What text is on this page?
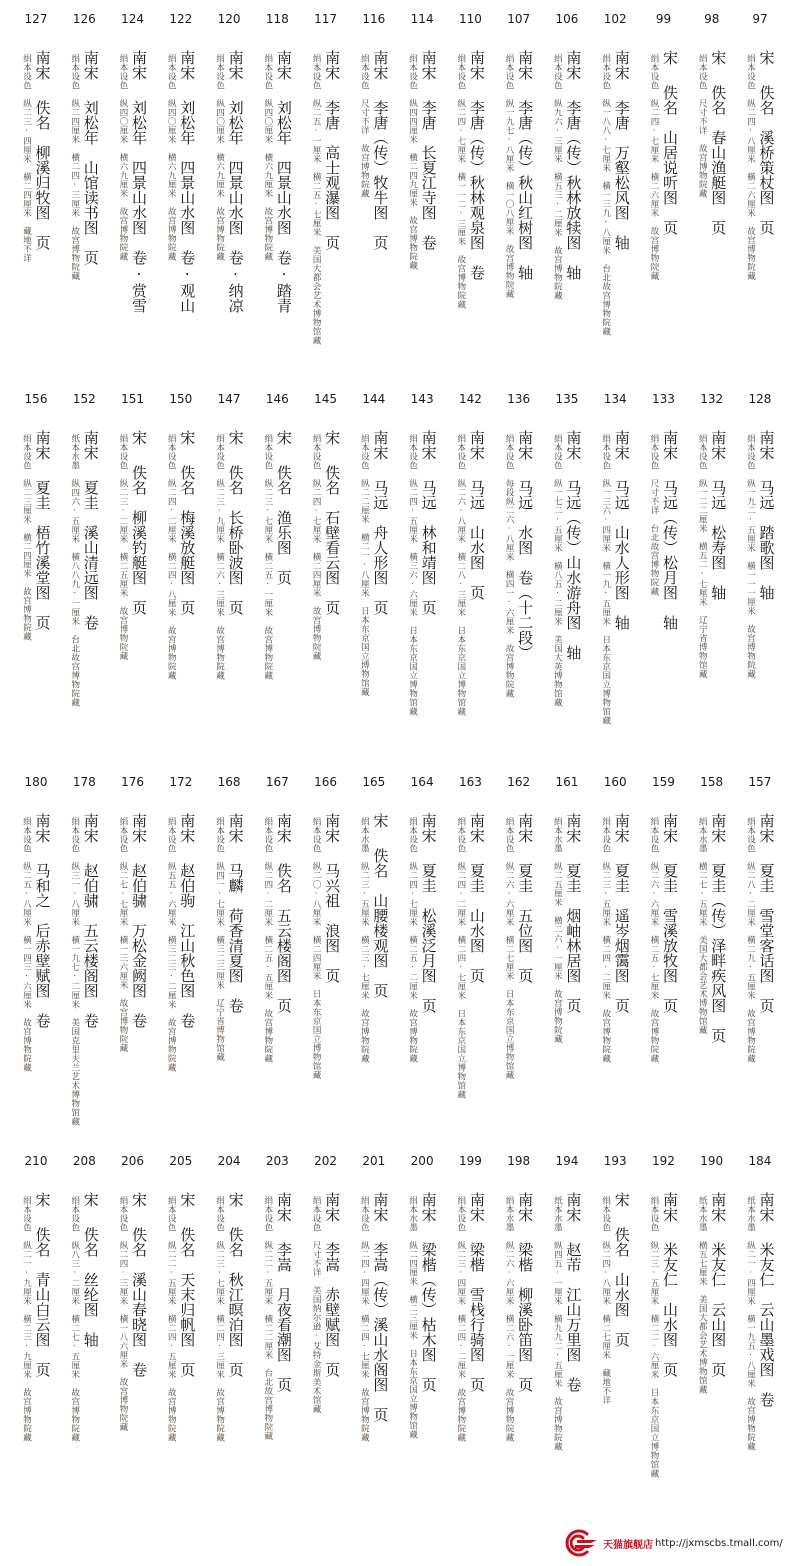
97

宋

佚名　溪桥策杖图　页

绢本设色　纵二四·八厘米　横二六厘米　故宫博物院藏

98

宋

佚名　春山渔艇图　页

绢本设色　尺寸不详　故宫博物院藏

99

宋

佚名　山居说听图　页

绢本设色　纵二四·七厘米　横二六厘米　故宫博物院藏

102

南宋

李唐　万壑松风图　轴

绢本设色　纵一八八·七厘米　横一三九·八厘米　台北故宫博物院藏

106

南宋

李唐（传）秋林放犊图　轴

绢本设色　纵九六·三厘米　横五三·二厘米　故宫博物院藏

107

南宋

李唐（传）秋山红树图　轴

绢本设色　纵一九七·八厘米　横一〇八厘米　故宫博物院藏

110

南宋

李唐（传）秋林观泉图　卷

绢本设色　纵二四·七厘米　横一一二·三厘米　故宫博物院藏

114

南宋

李唐　长夏江寺图　卷

绢本设色　纵四四厘米　横二四九厘米　故宫博物院藏

116

南宋

李唐（传）牧牛图　页

绢本设色　尺寸不详　故宫博物院藏

117

南宋

李唐　高士观瀑图　页

绢本设色　纵二五·一厘米　横二五·七厘米　美国大都会艺术博物馆藏

118

南宋

刘松年　四景山水图　卷·踏青

绢本设色　纵四〇厘米　横六九厘米　故宫博物院藏

120

南宋

刘松年　四景山水图　卷·纳凉

绢本设色　纵四〇厘米　横六九厘米　故宫博物院藏

122

南宋

刘松年　四景山水图　卷·观山

绢本设色　纵四〇厘米　横六九厘米　故宫博物院藏

124

南宋

刘松年　四景山水图　卷·赏雪

绢本设色　纵四〇厘米　横六九厘米　故宫博物院藏

126

南宋

刘松年　山馆读书图　页

绢本设色　纵二四厘米　横二四·三厘米　故宫博物院藏

127

南宋

佚名　柳溪归牧图　页

绢本设色　纵二三·四厘米　横二四厘米　藏地不详

128

南宋

马远　踏歌图　轴

绢本设色　纵一九二·五厘米　横一一一厘米　故宫博物院藏

132

南宋

马远　松寿图　轴

绢本设色　纵一二二厘米　横五二·七厘米　辽宁省博物馆藏

133

南宋

马远（传）松月图　轴

绢本设色　尺寸不详　台北故宫博物院藏

134

南宋

马远　山水人形图　轴

绢本设色　纵一三六·四厘米　横一九·五厘米　日本东京国立博物馆藏

135

南宋

马远（传）山水游舟图　轴

绢本设色　纵一七二·五厘米　横八五·二厘米　美国大英博物馆藏

136

南宋

马远　水图　卷（十二段）

绢本设色　每段纵二六·八厘米　横四一·六厘米　故宫博物院藏

142

南宋

马远　山水图　页

绢本设色　纵二六·八厘米　横二八·三厘米　日本东京国立博物馆藏

143

南宋

马远　林和靖图　页

绢本设色　纵二四·五厘米　横三六·六厘米　日本东京国立博物馆藏

144

南宋

马远　舟人形图　页

绢本设色　纵二二厘米　横二一·八厘米　日本东京国立博物馆藏

145

宋

佚名　石壁看云图　页

绢本设色　纵二四·七厘米　横二四厘米　故宫博物院藏

146

宋

佚名　渔乐图　页

绢本设色　纵二三·七厘米　横二五·一厘米　故宫博物院藏

147

宋

佚名　长桥卧波图　页

绢本设色　纵二三·九厘米　横二六·三厘米　故宫博物院藏

150

宋

佚名　梅溪放艇图　页

绢本设色　纵二四·二厘米　横二四·八厘米　故宫博物院藏

151

宋

佚名　柳溪钓艇图　页

绢本设色　纵二三·二厘米　横二五厘米　故宫博物院藏

152

南宋

夏圭　溪山清远图　卷

纸本水墨　纵四六·五厘米　横八八九·一厘米　台北故宫博物院藏

156

南宋

夏圭　梧竹溪堂图　页

绢本设色　纵二三厘米　横二四厘米　故宫博物院藏

157

南宋

夏圭　雪堂客话图　页

绢本设色　纵二八·二厘米　横二九·五厘米　故宫博物院藏

158

南宋

夏圭（传）泽畔疾风图　页

绢本水墨　横二七·五厘米　美国大都会艺术博物馆藏

159

南宋

夏圭　雪溪放牧图　页

绢本设色　纵二六·六厘米　横二五·七厘米　故宫博物院藏

160

南宋

夏圭　遥岑烟霭图　页

绢本设色　纵二三·五厘米　横二四·二厘米　故宫博物院藏

161

南宋

夏圭　烟岫林居图　页

绢本水墨　纵二五厘米　横二六·一厘米　故宫博物院藏

162

南宋

夏圭　五位图　页

绢本设色　纵二六·六厘米　横二七厘米　日本东京国立博物馆藏

163

南宋

夏圭　山水图　页

绢本设色　纵二四·二厘米　横二四·七厘米　日本东京国立博物馆藏

164

南宋

夏圭　松溪泛月图　页

绢本设色　纵二四·七厘米　横二五·二厘米　故宫博物院藏

165

宋

佚名　山腰楼观图　页

绢本水墨　纵二三·五厘米　横二三·七厘米　故宫博物院藏

166

南宋

马兴祖　浪图　页

绢本设色　纵二〇·八厘米　横二四厘米　日本东京国立博物馆藏

167

南宋

佚名　五云楼阁图　页

绢本设色　纵二四·二厘米　横二五·五厘米　故宫博物院藏

168

南宋

马麟　荷香清夏图　卷

绢本设色　纵四一·七厘米　横三二三厘米　辽宁省博物馆藏

172

南宋

赵伯驹　江山秋色图　卷

绢本设色　纵五五·六厘米　横三二三·二厘米　故宫博物院藏

176

南宋

赵伯骕　万松金阙图　卷

绢本设色　纵二七·七厘米　横一三六厘米　故宫博物院藏

178

南宋

赵伯骕　五云楼阁图　卷

绢本设色　纵三一·八厘米　横一九七·二厘米　美国克里夫兰艺术博物馆藏

180

南宋

马和之　后赤壁赋图　卷

绢本设色　纵二五·八厘米　横一四三·六厘米　故宫博物院藏

184

南宋

米友仁　云山墨戏图　卷

纸本水墨　纵二一·四厘米　横一九五·八厘米　故宫博物院藏

190

南宋

米友仁　云山图　页

纸本水墨　横五七厘米　美国大都会艺术博物馆藏

192

南宋

米友仁　山水图　页

绢本设色　纵二三·五厘米　横二二·六厘米　日本东京国立博物馆藏

193

宋

佚名　山水图　页

绢本设色　纵二四·八厘米　横二七厘米　藏地不详

194

南宋

赵芾　江山万里图　卷

纸本水墨　纵四五·一厘米　横九九二·五厘米　故宫博物院藏

198

南宋

梁楷　柳溪卧笛图　页

绢本水墨　纵二六·六厘米　横二六·一厘米　故宫博物院藏

199

南宋

梁楷　雪栈行骑图　页

绢本设色　纵二三·四厘米　横二四·二厘米　故宫博物院藏

200

南宋

梁楷（传）枯木图　页

绢本水墨　纵二四厘米　横二三厘米　日本东京国立博物馆藏

201

南宋

李嵩（传）溪山水阁图　页

绢本设色　纵二四·四厘米　横二四·七厘米　故宫博物院藏

202

南宋

李嵩　赤壁赋图　页

绢本设色　尺寸不详　美国纳尔逊·艾特金斯美术馆藏

203

南宋

李嵩　月夜看潮图　页

绢本设色　纵二二·五厘米　横二二厘米　台北故宫博物院藏

204

宋

佚名　秋江暝泊图　页

绢本设色　纵二三·七厘米　横二四·三厘米　故宫博物院藏

205

宋

佚名　天末归帆图　页

绢本设色　纵二二·五厘米　横二四·五厘米　故宫博物院藏

206

宋

佚名　溪山春晓图　卷

绢本设色　纵二四·三厘米　横一八六厘米　故宫博物院藏

208

宋

佚名　丝纶图　轴

绢本设色　纵八三·二厘米　横二七·五厘米　故宫博物院藏

210

宋

佚名　青山白云图　页

绢本设色　纵二一·九厘米　横二三·九厘米　故宫博物院藏

天猫旗舰店 http://jxmscbs.tmall.com/
